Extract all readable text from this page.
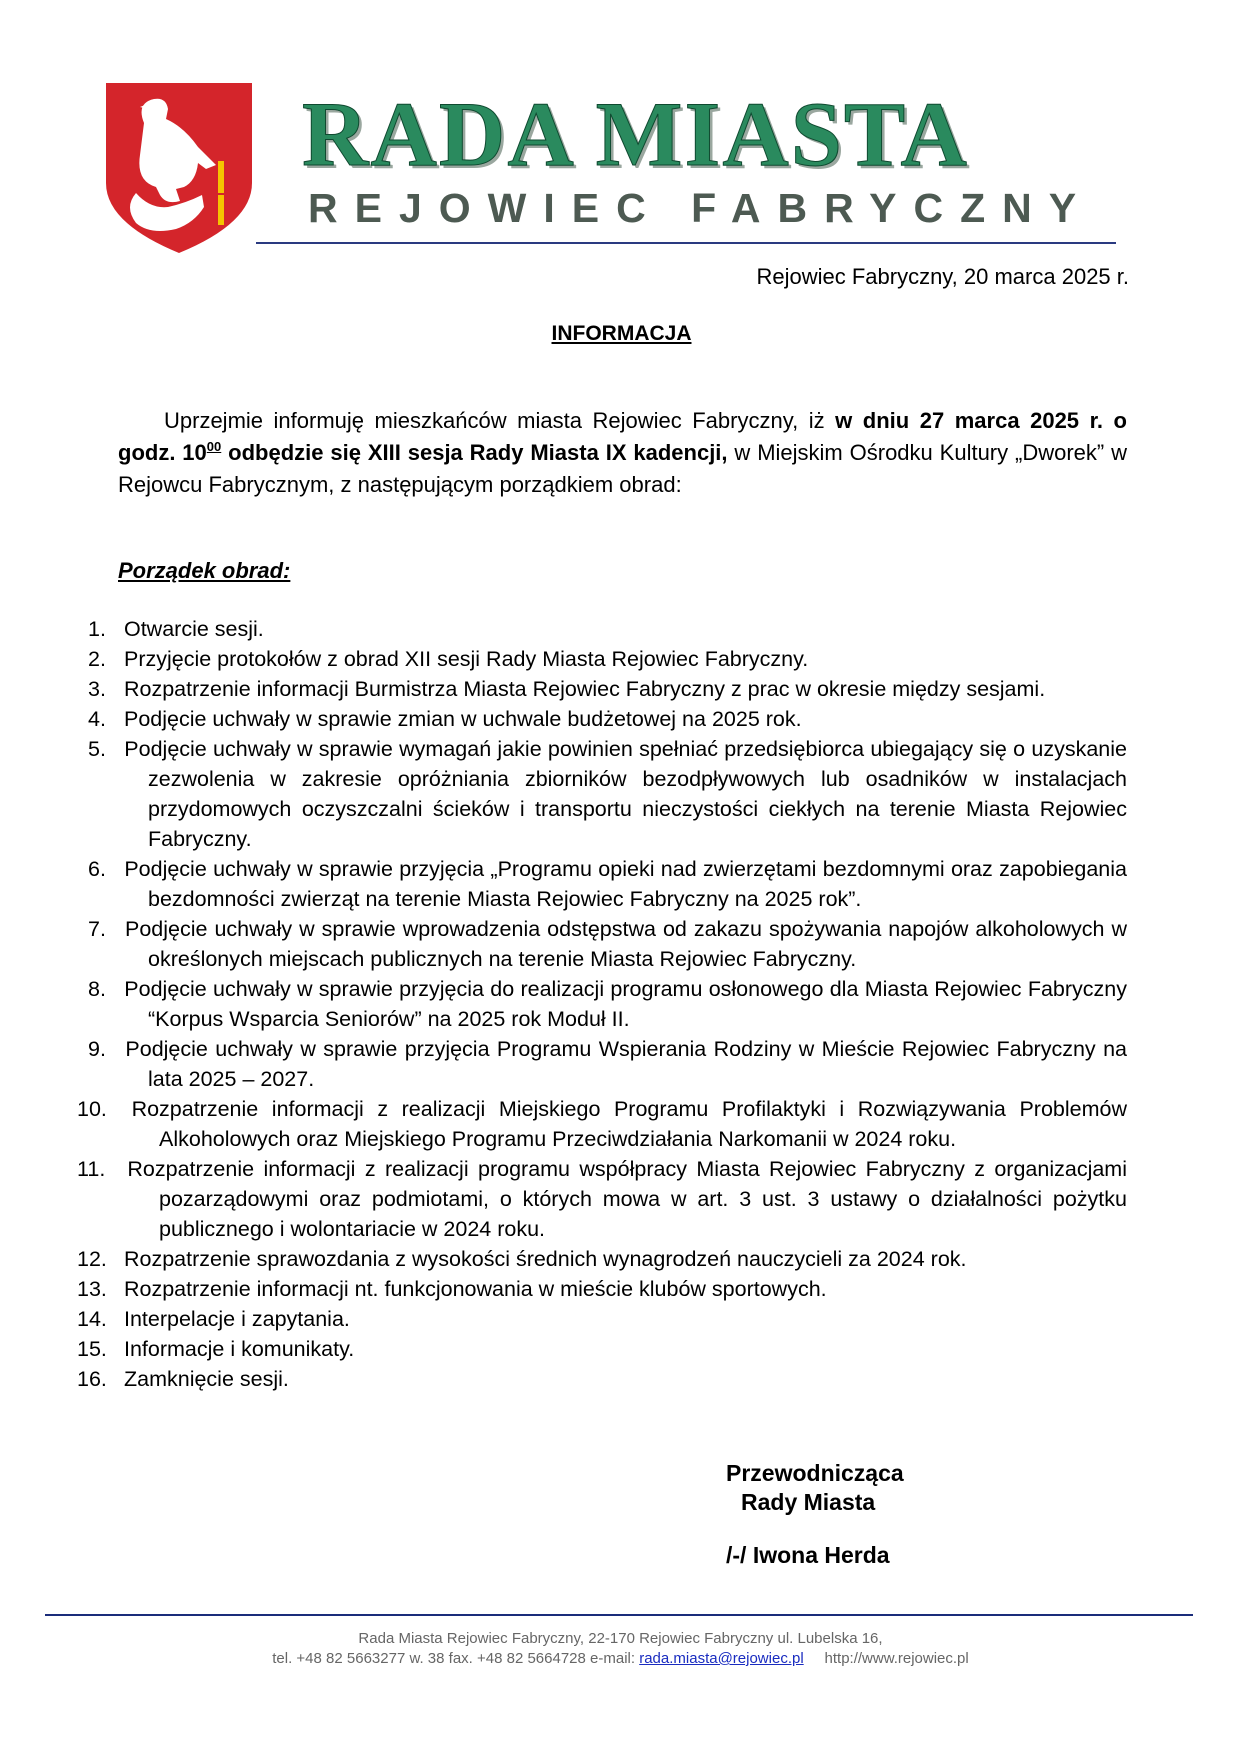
RADA MIASTA
REJOWIEC FABRYCZNY
Rejowiec Fabryczny, 20 marca 2025 r.
INFORMACJA

Uprzejmie informuję mieszkańców miasta Rejowiec Fabryczny, iż w dniu 27 marca 2025 r. o godz. $10^{00}$ odbędzie się XIII sesja Rady Miasta IX kadencji, w Miejskim Ośrodku Kultury „Dworek” w Rejowcu Fabrycznym, z następującym porządkiem obrad:

Porządek obrad:
1. Otwarcie sesji.
2. Przyjęcie protokołów z obrad XII sesji Rady Miasta Rejowiec Fabryczny.
3. Rozpatrzenie informacji Burmistrza Miasta Rejowiec Fabryczny z prac w okresie między sesjami.
4. Podjęcie uchwały w sprawie zmian w uchwale budżetowej na 2025 rok.
5. Podjęcie uchwały w sprawie wymagań jakie powinien spełniać przedsiębiorca ubiegający się o uzyskanie zezwolenia w zakresie opróżniania zbiorników bezodpływowych lub osadników w instalacjach przydomowych oczyszczalni ścieków i transportu nieczystości ciekłych na terenie Miasta Rejowiec Fabryczny.
6. Podjęcie uchwały w sprawie przyjęcia „Programu opieki nad zwierzętami bezdomnymi oraz zapobiegania bezdomności zwierząt na terenie Miasta Rejowiec Fabryczny na 2025 rok”.
7. Podjęcie uchwały w sprawie wprowadzenia odstępstwa od zakazu spożywania napojów alkoholowych w określonych miejscach publicznych na terenie Miasta Rejowiec Fabryczny.
8. Podjęcie uchwały w sprawie przyjęcia do realizacji programu osłonowego dla Miasta Rejowiec Fabryczny “Korpus Wsparcia Seniorów” na 2025 rok Moduł II.
9. Podjęcie uchwały w sprawie przyjęcia Programu Wspierania Rodziny w Mieście Rejowiec Fabryczny na lata 2025 – 2027.
10. Rozpatrzenie informacji z realizacji Miejskiego Programu Profilaktyki i Rozwiązywania Problemów Alkoholowych oraz Miejskiego Programu Przeciwdziałania Narkomanii w 2024 roku.
11. Rozpatrzenie informacji z realizacji programu współpracy Miasta Rejowiec Fabryczny z organizacjami pozarządowymi oraz podmiotami, o których mowa w art. 3 ust. 3 ustawy o działalności pożytku publicznego i wolontariacie w 2024 roku.
12. Rozpatrzenie sprawozdania z wysokości średnich wynagrodzeń nauczycieli za 2024 rok.
13. Rozpatrzenie informacji nt. funkcjonowania w mieście klubów sportowych.
14. Interpelacje i zapytania.
15. Informacje i komunikaty.
16. Zamknięcie sesji.
Przewodnicząca
Rady Miasta
/-/ Iwona Herda
Rada Miasta Rejowiec Fabryczny, 22-170 Rejowiec Fabryczny ul. Lubelska 16,
tel. +48 82 5663277 w. 38 fax. +48 82 5664728 e-mail: rada.miasta@rejowiec.pl http://www.rejowiec.pl
